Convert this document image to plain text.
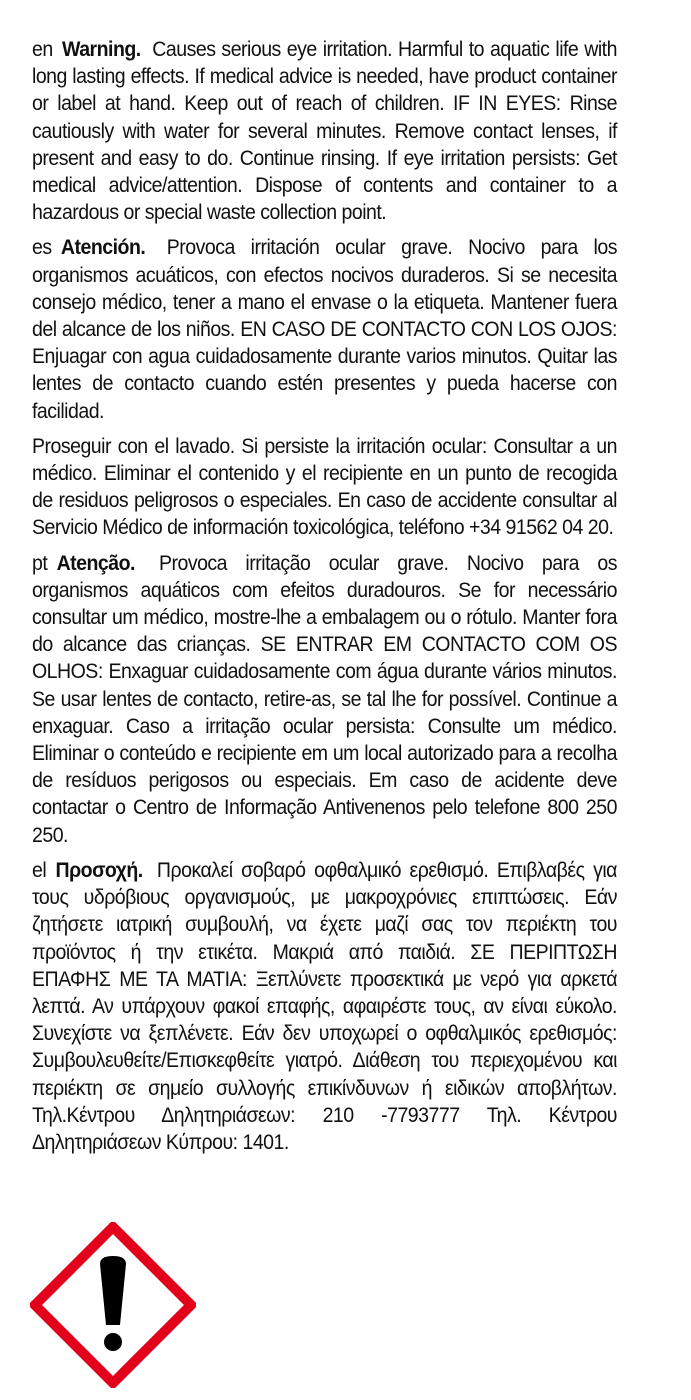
en Warning. Causes serious eye irritation. Harmful to aquatic life with long lasting effects. If medical advice is needed, have product container or label at hand. Keep out of reach of children. IF IN EYES: Rinse cautiously with water for several minutes. Remove contact lenses, if present and easy to do. Continue rinsing. If eye irritation persists: Get medical advice/attention. Dispose of contents and container to a hazardous or special waste collection point.

es Atención. Provoca irritación ocular grave. Nocivo para los organismos acuáticos, con efectos nocivos duraderos. Si se necesita consejo médico, tener a mano el envase o la etiqueta. Mantener fuera del alcance de los niños. EN CASO DE CONTACTO CON LOS OJOS: Enjuagar con agua cuidadosamente durante varios minutos. Quitar las lentes de contacto cuando estén presentes y pueda hacerse con facilidad.

Proseguir con el lavado. Si persiste la irritación ocular: Consultar a un médico. Eliminar el contenido y el recipiente en un punto de recogida de residuos peligrosos o especiales. En caso de accidente consultar al Servicio Médico de información toxicológica, teléfono +34 91562 04 20.

pt Atenção. Provoca irritação ocular grave. Nocivo para os organismos aquáticos com efeitos duradouros. Se for necessário consultar um médico, mostre-lhe a embalagem ou o rótulo. Manter fora do alcance das crianças. SE ENTRAR EM CONTACTO COM OS OLHOS: Enxaguar cuidadosamente com água durante vários minutos. Se usar lentes de contacto, retire-as, se tal lhe for possível. Continue a enxaguar. Caso a irritação ocular persista: Consulte um médico. Eliminar o conteúdo e recipiente em um local autorizado para a recolha de resíduos perigosos ou especiais. Em caso de acidente deve contactar o Centro de Informação Antivenenos pelo telefone 800 250 250.

el Προσοχή. Προκαλεί σοβαρό οφθαλμικό ερεθισμό. Επιβλαβές για τους υδρόβιους οργανισμούς, με μακροχρόνιες επιπτώσεις. Εάν ζητήσετε ιατρική συμβουλή, να έχετε μαζί σας τον περιέκτη του προϊόντος ή την ετικέτα. Μακριά από παιδιά. ΣΕ ΠΕΡΙΠΤΩΣΗ ΕΠΑΦΗΣ ΜΕ ΤΑ ΜΑΤΙΑ: Ξεπλύνετε προσεκτικά με νερό για αρκετά λεπτά. Αν υπάρχουν φακοί επαφής, αφαιρέστε τους, αν είναι εύκολο. Συνεχίστε να ξεπλένετε. Εάν δεν υποχωρεί ο οφθαλμικός ερεθισμός: Συμβουλευθείτε/Επισκεφθείτε γιατρό. Διάθεση του περιεχομένου και περιέκτη σε σημείο συλλογής επικίνδυνων ή ειδικών αποβλήτων. Τηλ.Κέντρου Δηλητηριάσεων: 210 -7793777 Τηλ. Κέντρου Δηλητηριάσεων Κύπρου: 1401.
